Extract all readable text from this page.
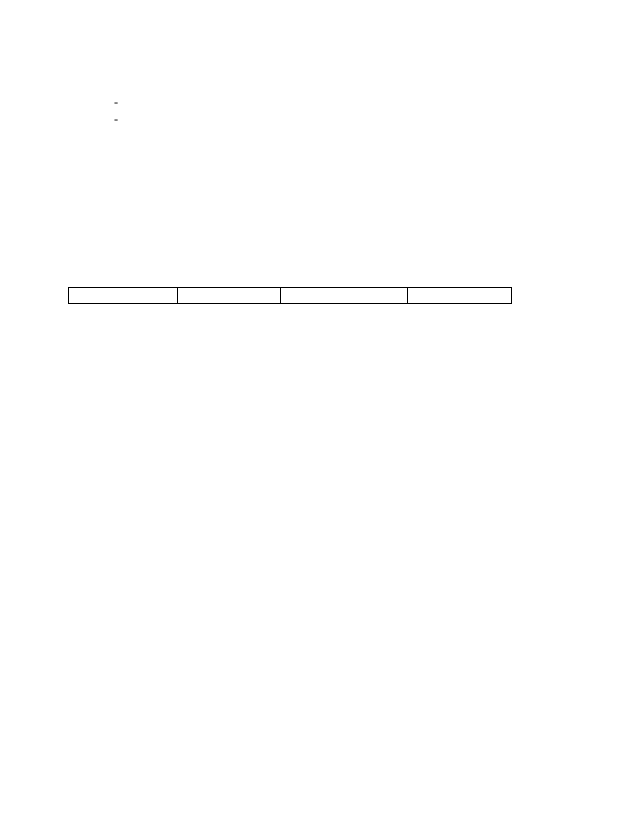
-
-
